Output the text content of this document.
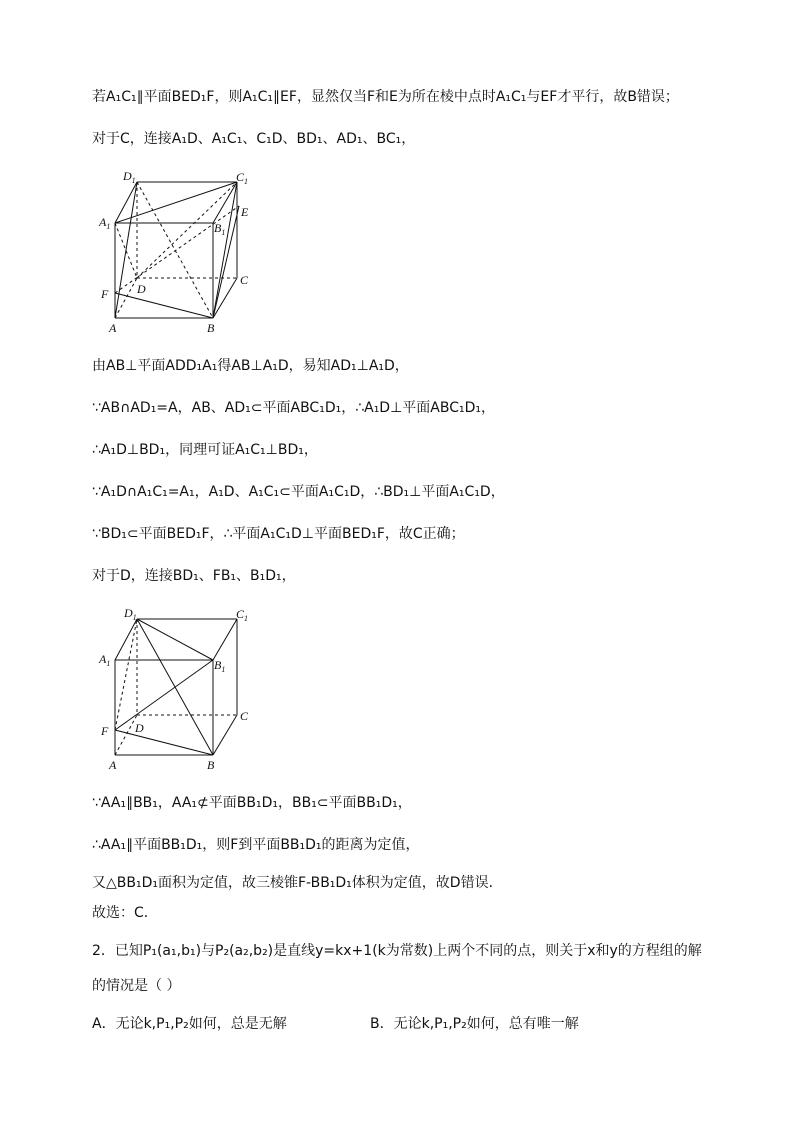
若A₁C₁∥平面BED₁F，则A₁C₁∥EF，显然仅当F和E为所在棱中点时A₁C₁与EF才平行，故B错误；
对于C，连接A₁D、A₁C₁、C₁D、BD₁、AD₁、BC₁，
$D_1$	$C_1$
$A_1$	$B_1$
E
F D
C
A	B
由AB⊥平面ADD₁A₁得AB⊥A₁D，易知AD₁⊥A₁D，
∵AB∩AD₁=A，AB、AD₁⊂平面ABC₁D₁，∴A₁D⊥平面ABC₁D₁，
∴A₁D⊥BD₁，同理可证A₁C₁⊥BD₁，
∵A₁D∩A₁C₁=A₁，A₁D、A₁C₁⊂平面A₁C₁D，∴BD₁⊥平面A₁C₁D，
∵BD₁⊂平面BED₁F，∴平面A₁C₁D⊥平面BED₁F，故C正确；
对于D，连接BD₁、FB₁、B₁D₁，
$D_1$	$C_1$
$A_1$	$B_1$
F D
C
A	B
∵AA₁∥BB₁，AA₁⊄平面BB₁D₁，BB₁⊂平面BB₁D₁，
∴AA₁∥平面BB₁D₁，则F到平面BB₁D₁的距离为定值，
又△BB₁D₁面积为定值，故三棱锥F-BB₁D₁体积为定值，故D错误．
故选：C．
2．已知P₁(a₁,b₁)与P₂(a₂,b₂)是直线y=kx+1(k为常数)上两个不同的点，则关于x和y的方程组的解
的情况是（ ）
A．无论k,P₁,P₂如何，总是无解	B．无论k,P₁,P₂如何，总有唯一解
